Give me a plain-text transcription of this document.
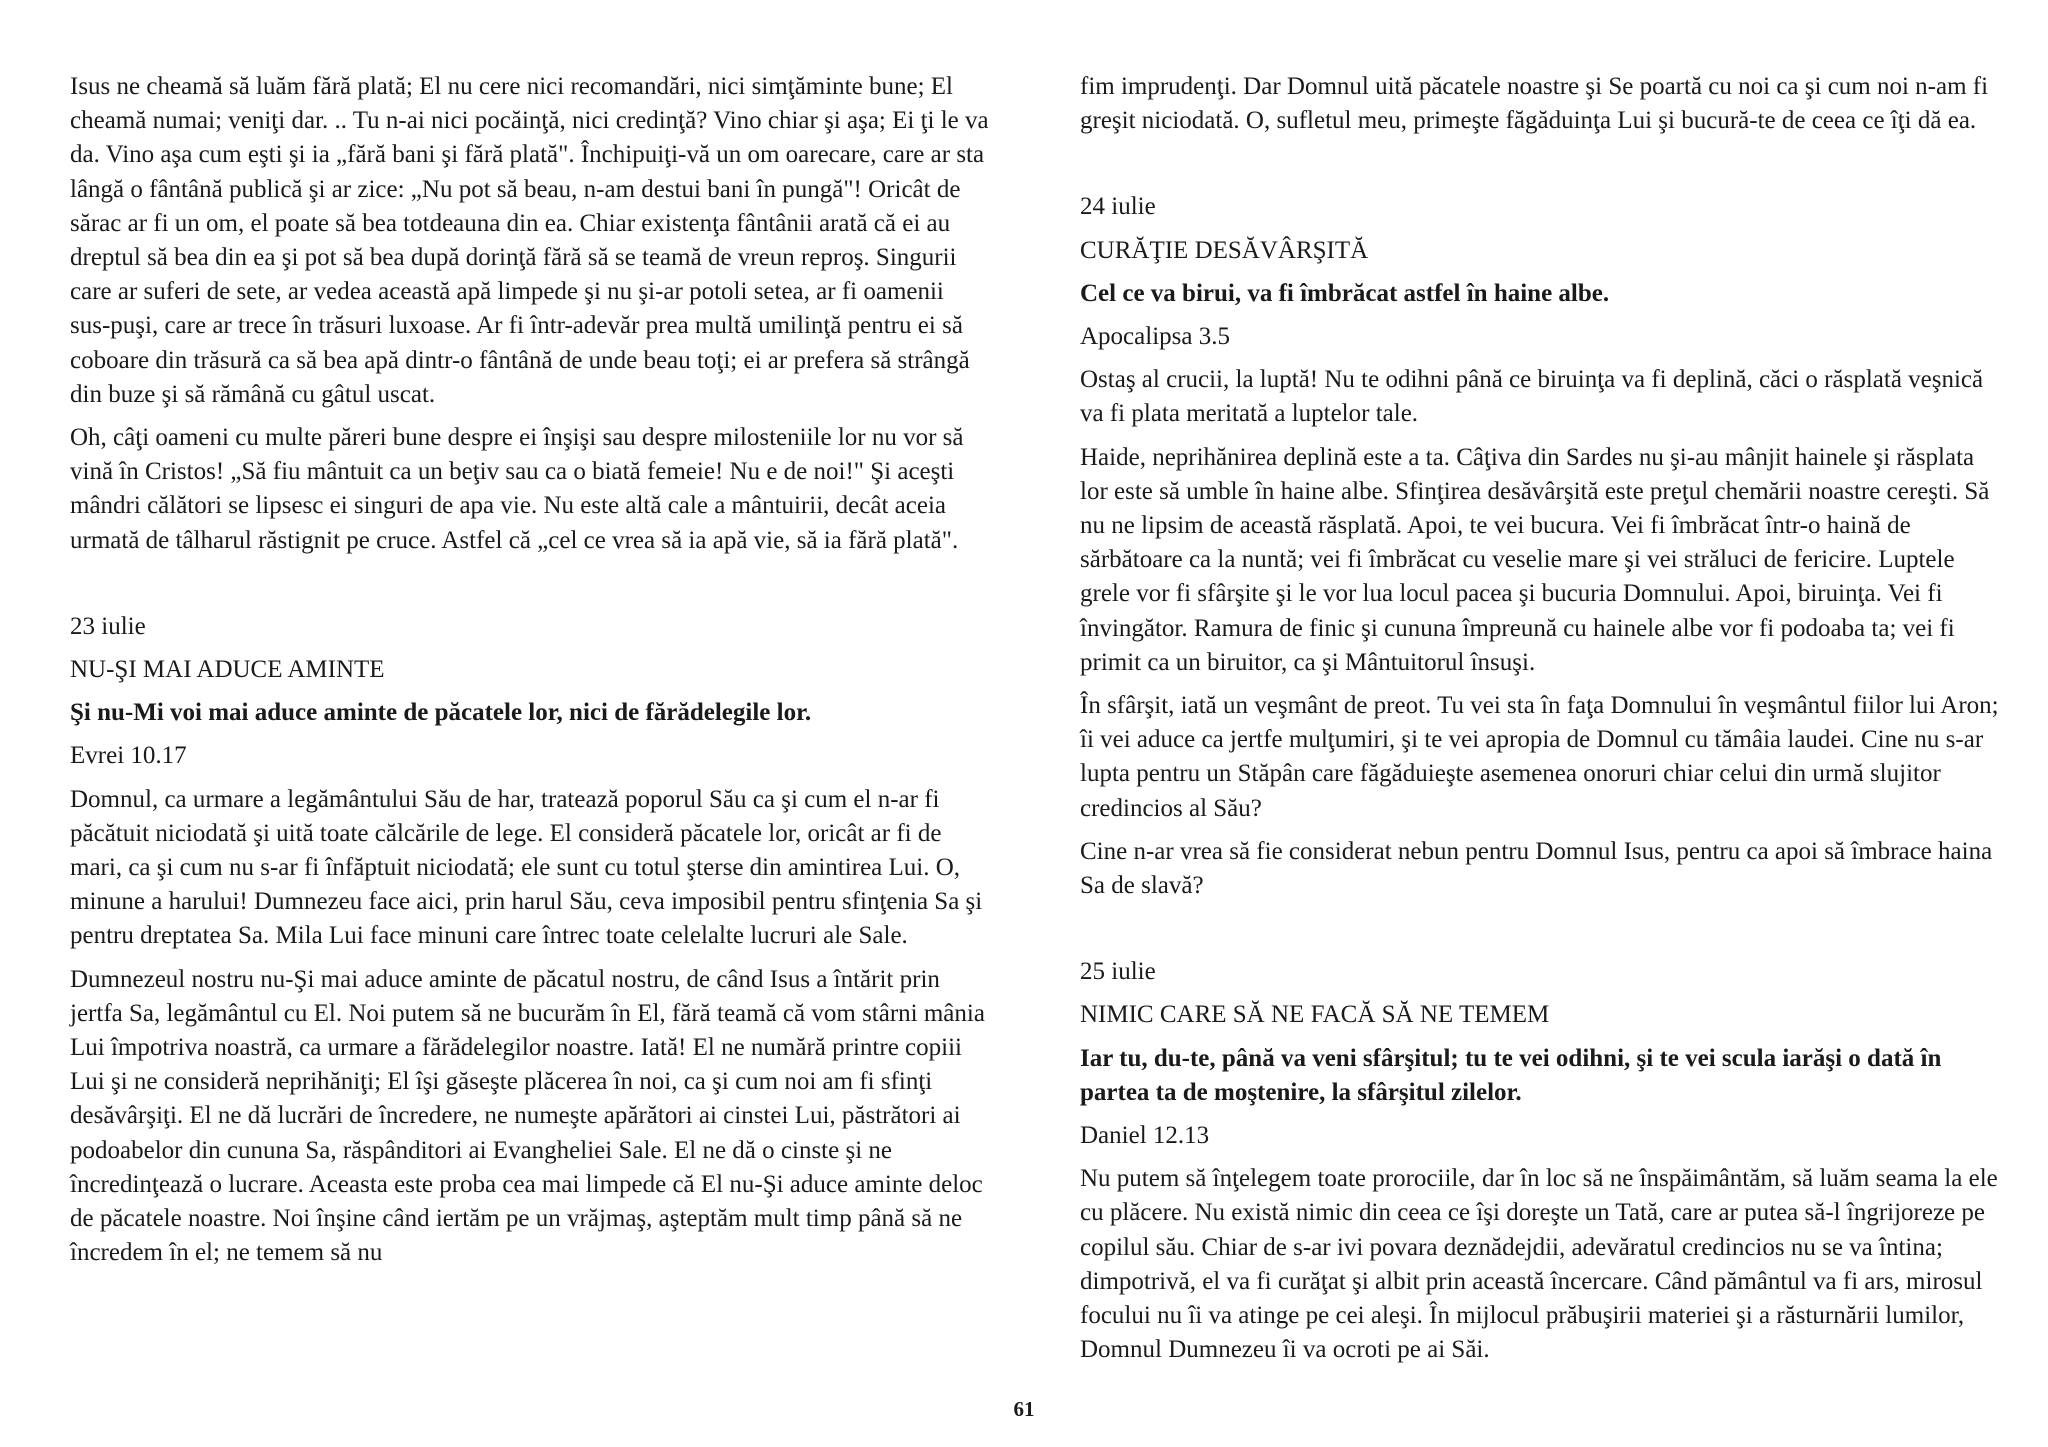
Isus ne cheamă să luăm fără plată; El nu cere nici recomandări, nici simţăminte bune; El cheamă numai; veniţi dar. .. Tu n-ai nici pocăinţă, nici credinţă? Vino chiar şi aşa; Ei ţi le va da. Vino aşa cum eşti şi ia „fără bani şi fără plată". Închipuiţi-vă un om oarecare, care ar sta lângă o fântână publică şi ar zice: „Nu pot să beau, n-am destui bani în pungă"! Oricât de sărac ar fi un om, el poate să bea totdeauna din ea. Chiar existenţa fântânii arată că ei au dreptul să bea din ea şi pot să bea după dorinţă fără să se teamă de vreun reproş. Singurii care ar suferi de sete, ar vedea această apă limpede şi nu şi-ar potoli setea, ar fi oamenii sus-puşi, care ar trece în trăsuri luxoase. Ar fi într-adevăr prea multă umilinţă pentru ei să coboare din trăsură ca să bea apă dintr-o fântână de unde beau toţi; ei ar prefera să strângă din buze şi să rămână cu gâtul uscat.

Oh, câţi oameni cu multe păreri bune despre ei înşişi sau despre milosteniile lor nu vor să vină în Cristos! „Să fiu mântuit ca un beţiv sau ca o biată femeie! Nu e de noi!" Şi aceşti mândri călători se lipsesc ei singuri de apa vie. Nu este altă cale a mântuirii, decât aceia urmată de tâlharul răstignit pe cruce. Astfel că „cel ce vrea să ia apă vie, să ia fără plată".

23 iulie
NU-ŞI MAI ADUCE AMINTE
Şi nu-Mi voi mai aduce aminte de păcatele lor, nici de fărădelegile lor.
Evrei 10.17

Domnul, ca urmare a legământului Său de har, tratează poporul Său ca şi cum el n-ar fi păcătuit niciodată şi uită toate călcările de lege. El consideră păcatele lor, oricât ar fi de mari, ca şi cum nu s-ar fi înfăptuit niciodată; ele sunt cu totul şterse din amintirea Lui. O, minune a harului! Dumnezeu face aici, prin harul Său, ceva imposibil pentru sfinţenia Sa şi pentru dreptatea Sa. Mila Lui face minuni care întrec toate celelalte lucruri ale Sale.

Dumnezeul nostru nu-Şi mai aduce aminte de păcatul nostru, de când Isus a întărit prin jertfa Sa, legământul cu El. Noi putem să ne bucurăm în El, fără teamă că vom stârni mânia Lui împotriva noastră, ca urmare a fărădelegilor noastre. Iată! El ne numără printre copiii Lui şi ne consideră neprihăniţi; El îşi găseşte plăcerea în noi, ca şi cum noi am fi sfinţi desăvârşiţi. El ne dă lucrări de încredere, ne numeşte apărători ai cinstei Lui, păstrători ai podoabelor din cununa Sa, răspânditori ai Evangheliei Sale. El ne dă o cinste şi ne încredinţează o lucrare. Aceasta este proba cea mai limpede că El nu-Şi aduce aminte deloc de păcatele noastre. Noi înşine când iertăm pe un vrăjmaş, aşteptăm mult timp până să ne încredem în el; ne temem să nu

fim imprudenţi. Dar Domnul uită păcatele noastre şi Se poartă cu noi ca şi cum noi n-am fi greşit niciodată. O, sufletul meu, primeşte făgăduinţa Lui şi bucură-te de ceea ce îţi dă ea.

24 iulie
CURĂŢIE DESĂVÂRŞITĂ
Cel ce va birui, va fi îmbrăcat astfel în haine albe.
Apocalipsa 3.5

Ostaş al crucii, la luptă! Nu te odihni până ce biruinţa va fi deplină, căci o răsplată veşnică va fi plata meritată a luptelor tale.

Haide, neprihănirea deplină este a ta. Câţiva din Sardes nu şi-au mânjit hainele şi răsplata lor este să umble în haine albe. Sfinţirea desăvârşită este preţul chemării noastre cereşti. Să nu ne lipsim de această răsplată. Apoi, te vei bucura. Vei fi îmbrăcat într-o haină de sărbătoare ca la nuntă; vei fi îmbrăcat cu veselie mare şi vei străluci de fericire. Luptele grele vor fi sfârşite şi le vor lua locul pacea şi bucuria Domnului. Apoi, biruinţa. Vei fi învingător. Ramura de finic şi cununa împreună cu hainele albe vor fi podoaba ta; vei fi primit ca un biruitor, ca şi Mântuitorul însuşi.

În sfârşit, iată un veşmânt de preot. Tu vei sta în faţa Domnului în veşmântul fiilor lui Aron; îi vei aduce ca jertfe mulţumiri, şi te vei apropia de Domnul cu tămâia laudei. Cine nu s-ar lupta pentru un Stăpân care făgăduieşte asemenea onoruri chiar celui din urmă slujitor credincios al Său?

Cine n-ar vrea să fie considerat nebun pentru Domnul Isus, pentru ca apoi să îmbrace haina Sa de slavă?

25 iulie
NIMIC CARE SĂ NE FACĂ SĂ NE TEMEM
Iar tu, du-te, până va veni sfârşitul; tu te vei odihni, şi te vei scula iarăşi o dată în partea ta de moştenire, la sfârşitul zilelor.
Daniel 12.13

Nu putem să înţelegem toate prorociile, dar în loc să ne înspăimântăm, să luăm seama la ele cu plăcere. Nu există nimic din ceea ce îşi doreşte un Tată, care ar putea să-l îngrijoreze pe copilul său. Chiar de s-ar ivi povara deznădejdii, adevăratul credincios nu se va întina; dimpotrivă, el va fi curăţat şi albit prin această încercare. Când pământul va fi ars, mirosul focului nu îi va atinge pe cei aleşi. În mijlocul prăbuşirii materiei şi a răsturnării lumilor, Domnul Dumnezeu îi va ocroti pe ai Săi.

61
